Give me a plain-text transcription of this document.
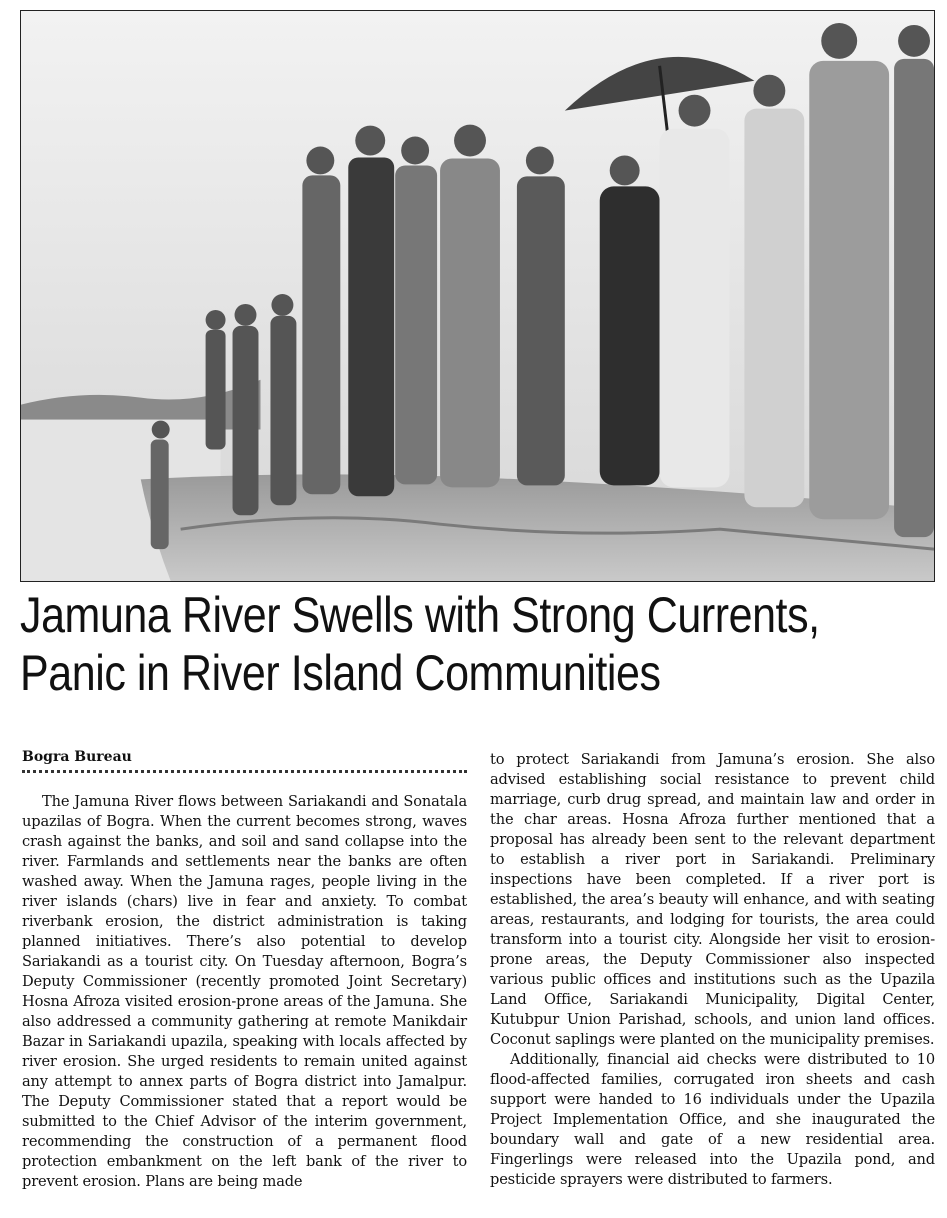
Jamuna River Swells with Strong Currents,
Panic in River Island Communities
Bogra Bureau

The Jamuna River flows between Sariakandi and Sonatala upazilas of Bogra. When the current becomes strong, waves crash against the banks, and soil and sand collapse into the river. Farmlands and settlements near the banks are often washed away. When the Jamuna rages, people living in the river islands (chars) live in fear and anxiety. To combat riverbank erosion, the district administration is taking planned initiatives. There’s also potential to develop Sariakandi as a tourist city. On Tuesday afternoon, Bogra’s Deputy Commissioner (recently promoted Joint Secretary) Hosna Afroza visited erosion-prone areas of the Jamuna. She also addressed a community gathering at remote Manikdair Bazar in Sariakandi upazila, speaking with locals affected by river erosion. She urged residents to remain united against any attempt to annex parts of Bogra district into Jamalpur. The Deputy Commissioner stated that a report would be submitted to the Chief Advisor of the interim government, recommending the construction of a permanent flood protection embankment on the left bank of the river to prevent erosion. Plans are being made

to protect Sariakandi from Jamuna’s erosion. She also advised establishing social resistance to prevent child marriage, curb drug spread, and maintain law and order in the char areas. Hosna Afroza further mentioned that a proposal has already been sent to the relevant department to establish a river port in Sariakandi. Preliminary inspections have been completed. If a river port is established, the area’s beauty will enhance, and with seating areas, restaurants, and lodging for tourists, the area could transform into a tourist city. Alongside her visit to erosion-prone areas, the Deputy Commissioner also inspected various public offices and institutions such as the Upazila Land Office, Sariakandi Municipality, Digital Center, Kutubpur Union Parishad, schools, and union land offices. Coconut saplings were planted on the municipality premises.

Additionally, financial aid checks were distributed to 10 flood-affected families, corrugated iron sheets and cash support were handed to 16 individuals under the Upazila Project Implementation Office, and she inaugurated the boundary wall and gate of a new residential area. Fingerlings were released into the Upazila pond, and pesticide sprayers were distributed to farmers.
